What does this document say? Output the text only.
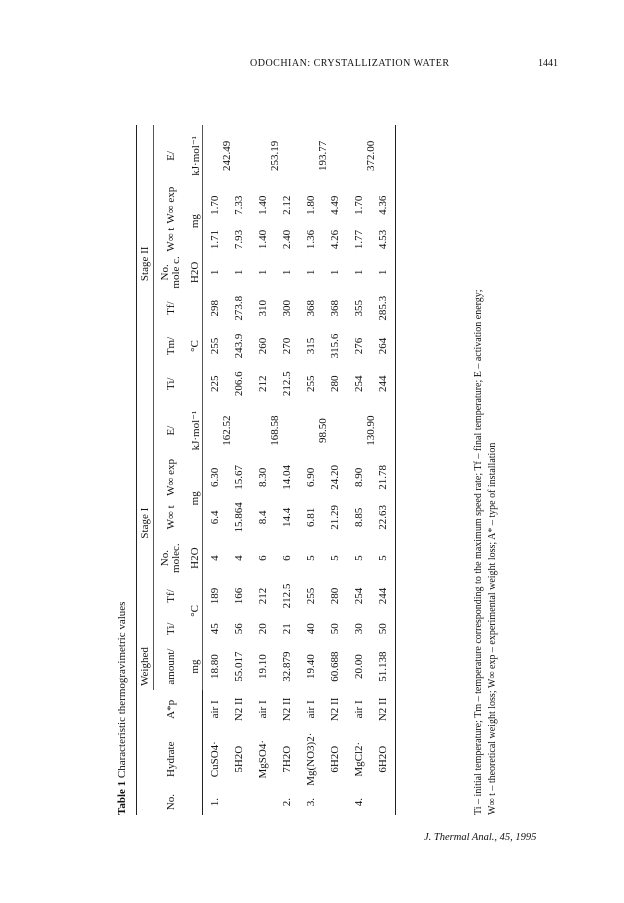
ODOCHIAN: CRYSTALLIZATION WATER	1441
Table 1 Characteristic thermogravimetric values
			Weighed	Stage I						Stage II						
No.	Hydrate	A*p	amount/	Ti/	Tf/	No. molec.	W∞ t	W∞ exp	E/	Ti/	Tm/	Tf/	No. mole c.	W∞ t	W∞ exp	E/
			mg	°C		H2O	mg		kJ·mol⁻¹	°C			H2O	mg		kJ·mol⁻¹
1.	CuSO4·	air I	18.80	45	189	4	6.4	6.30	162.52	225	255	298	1	1.71	1.70	242.49
	5H2O	N2 II	55.017	56	166	4	15.864	15.67		206.6	243.9	273.8	1	7.93	7.33	
	MgSO4·	air I	19.10	20	212	6	8.4	8.30	168.58	212	260	310	1	1.40	1.40	253.19
2.	7H2O	N2 II	32.879	21	212.5	6	14.4	14.04		212.5	270	300	1	2.40	2.12	
3.	Mg(NO3)2·	air I	19.40	40	255	5	6.81	6.90	98.50	255	315	368	1	1.36	1.80	193.77
	6H2O	N2 II	60.688	50	280	5	21.29	24.20		280	315.6	368	1	4.26	4.49	
4.	MgCl2·	air I	20.00	30	254	5	8.85	8.90	130.90	254	276	355	1	1.77	1.70	372.00
	6H2O	N2 II	51.138	50	244	5	22.63	21.78		244	264	285.3	1	4.53	4.36	
Ti – initial temperature; Tm – temperature corresponding to the maximum speed rate; Tf – final temperature; E – activation energy; W∞ t – theoretical weight loss; W∞ exp – experimental weight loss; A* – type of installation
J. Thermal Anal., 45, 1995
